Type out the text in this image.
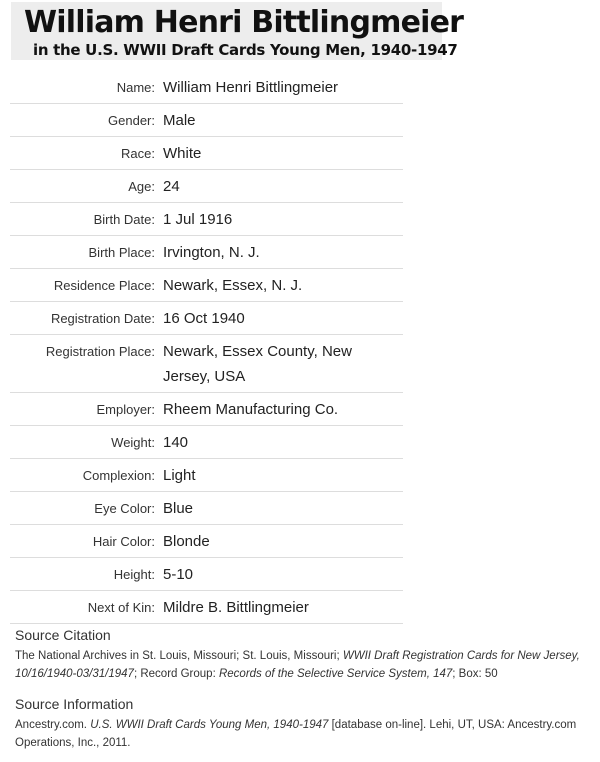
William Henri Bittlingmeier
in the U.S. WWII Draft Cards Young Men, 1940-1947
Name:	William Henri Bittlingmeier
Gender:	Male
Race:	White
Age:	24
Birth Date:	1 Jul 1916
Birth Place:	Irvington, N. J.
Residence Place:	Newark, Essex, N. J.
Registration Date:	16 Oct 1940
Registration Place:	Newark, Essex County, New Jersey, USA
Employer:	Rheem Manufacturing Co.
Weight:	140
Complexion:	Light
Eye Color:	Blue
Hair Color:	Blonde
Height:	5-10
Next of Kin:	Mildre B. Bittlingmeier
Source Citation

The National Archives in St. Louis, Missouri; St. Louis, Missouri; WWII Draft Registration Cards for New Jersey, 10/16/1940-03/31/1947; Record Group: Records of the Selective Service System, 147; Box: 50

Source Information

Ancestry.com. U.S. WWII Draft Cards Young Men, 1940-1947 [database on-line]. Lehi, UT, USA: Ancestry.com Operations, Inc., 2011.
